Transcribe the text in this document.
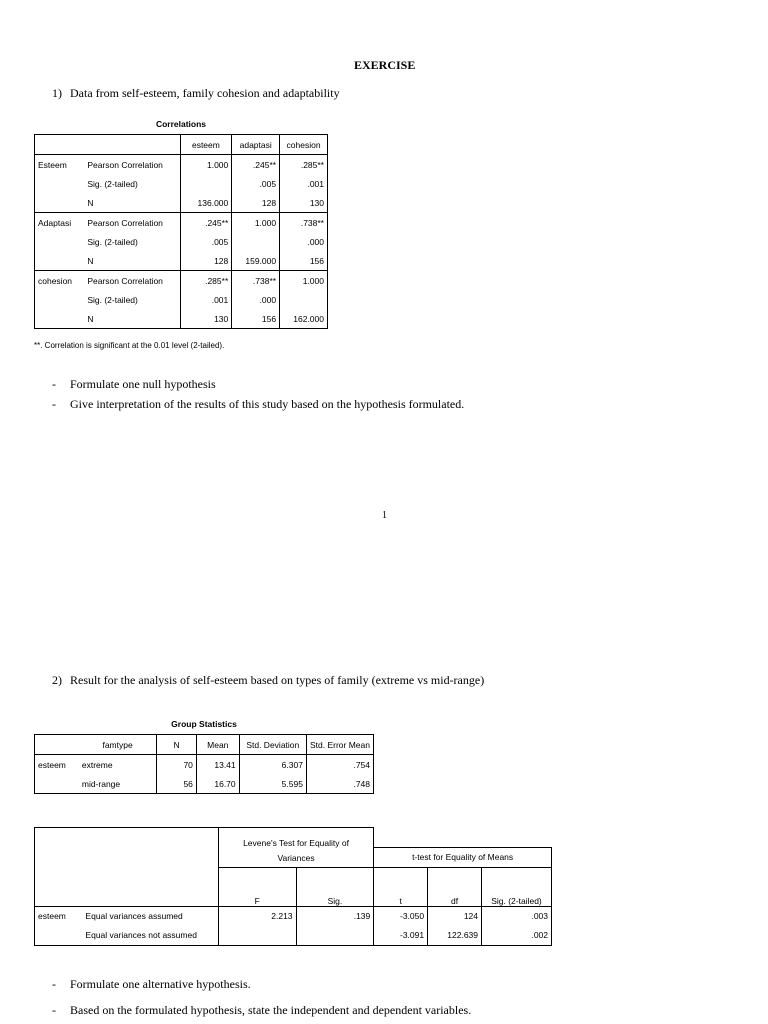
EXERCISE
1) Data from self-esteem, family cohesion and adaptability
Correlations
		esteem	adaptasi	cohesion
Esteem	Pearson Correlation	1.000	.245**	.285**
	Sig. (2-tailed)		.005	.001
	N	136.000	128	130
Adaptasi	Pearson Correlation	.245**	1.000	.738**
	Sig. (2-tailed)	.005		.000
	N	128	159.000	156
cohesion	Pearson Correlation	.285**	.738**	1.000
	Sig. (2-tailed)	.001	.000	
	N	130	156	162.000
**. Correlation is significant at the 0.01 level (2-tailed).
- Formulate one null hypothesis
- Give interpretation of the results of this study based on the hypothesis formulated.
1
2) Result for the analysis of self-esteem based on types of family (extreme vs mid-range)
Group Statistics
	famtype	N	Mean	Std. Deviation	Std. Error Mean
esteem	extreme	70	13.41	6.307	.754
	mid-range	56	16.70	5.595	.748
		Levene's Test for Equality of Variances				
				t-test for Equality of Means		
		F	Sig.	t	df	Sig. (2-tailed)
esteem	Equal variances assumed	2.213	.139	-3.050	124	.003
	Equal variances not assumed			-3.091	122.639	.002
- Formulate one alternative hypothesis.
- Based on the formulated hypothesis, state the independent and dependent variables.
